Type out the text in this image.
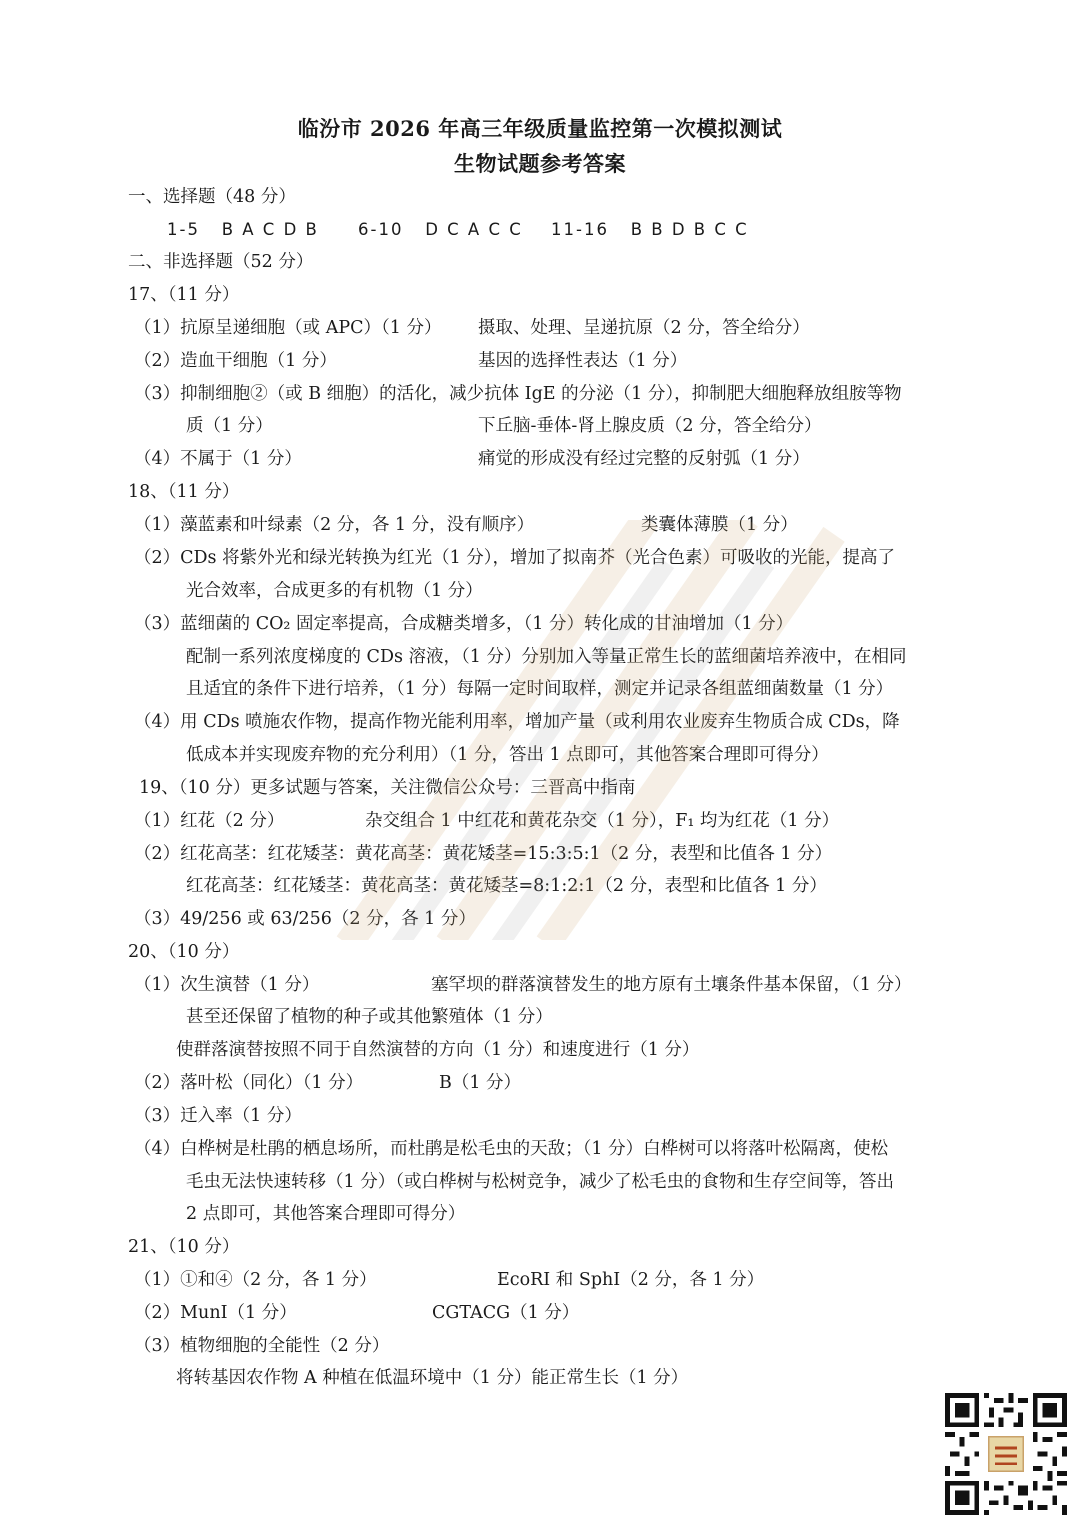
临汾市 2026 年高三年级质量监控第一次模拟测试
生物试题参考答案
一、选择题（48 分）
1-5 B A C D B 6-10 D C A C C 11-16 B B D B C C
二、非选择题（52 分）
17、（11 分）
（1）抗原呈递细胞（或 APC）（1 分） 摄取、处理、呈递抗原（2 分，答全给分）
（2）造血干细胞（1 分）	基因的选择性表达（1 分）
（3）抑制细胞②（或 B 细胞）的活化，减少抗体 IgE 的分泌（1 分），抑制肥大细胞释放组胺等物
质（1 分）	下丘脑-垂体-肾上腺皮质（2 分，答全给分）
（4）不属于（1 分）	痛觉的形成没有经过完整的反射弧（1 分）
18、（11 分）
（1）藻蓝素和叶绿素（2 分，各 1 分，没有顺序）	类囊体薄膜（1 分）
（2）CDs 将紫外光和绿光转换为红光（1 分），增加了拟南芥（光合色素）可吸收的光能，提高了
光合效率，合成更多的有机物（1 分）
（3）蓝细菌的 CO₂ 固定率提高，合成糖类增多，（1 分）转化成的甘油增加（1 分）
配制一系列浓度梯度的 CDs 溶液，（1 分）分别加入等量正常生长的蓝细菌培养液中，在相同
且适宜的条件下进行培养，（1 分）每隔一定时间取样，测定并记录各组蓝细菌数量（1 分）
（4）用 CDs 喷施农作物，提高作物光能利用率，增加产量（或利用农业废弃生物质合成 CDs，降
低成本并实现废弃物的充分利用）（1 分，答出 1 点即可，其他答案合理即可得分）
19、（10 分）更多试题与答案，关注微信公众号：三晋高中指南
（1）红花（2 分）	杂交组合 1 中红花和黄花杂交（1 分），F₁ 均为红花（1 分）
（2）红花高茎：红花矮茎：黄花高茎：黄花矮茎=15:3:5:1（2 分，表型和比值各 1 分）
红花高茎：红花矮茎：黄花高茎：黄花矮茎=8:1:2:1（2 分，表型和比值各 1 分）
（3）49/256 或 63/256（2 分，各 1 分）
20、（10 分）
（1）次生演替（1 分）	塞罕坝的群落演替发生的地方原有土壤条件基本保留，（1 分）
甚至还保留了植物的种子或其他繁殖体（1 分）
使群落演替按照不同于自然演替的方向（1 分）和速度进行（1 分）
（2）落叶松（同化）（1 分）	B（1 分）
（3）迁入率（1 分）
（4）白桦树是杜鹃的栖息场所，而杜鹃是松毛虫的天敌；（1 分）白桦树可以将落叶松隔离，使松
毛虫无法快速转移（1 分）（或白桦树与松树竞争，减少了松毛虫的食物和生存空间等，答出
2 点即可，其他答案合理即可得分）
21、（10 分）
（1）①和④（2 分，各 1 分）	EcoRI 和 SphI（2 分，各 1 分）
（2）MunI（1 分）	CGTACG（1 分）
（3）植物细胞的全能性（2 分）
将转基因农作物 A 种植在低温环境中（1 分）能正常生长（1 分）
